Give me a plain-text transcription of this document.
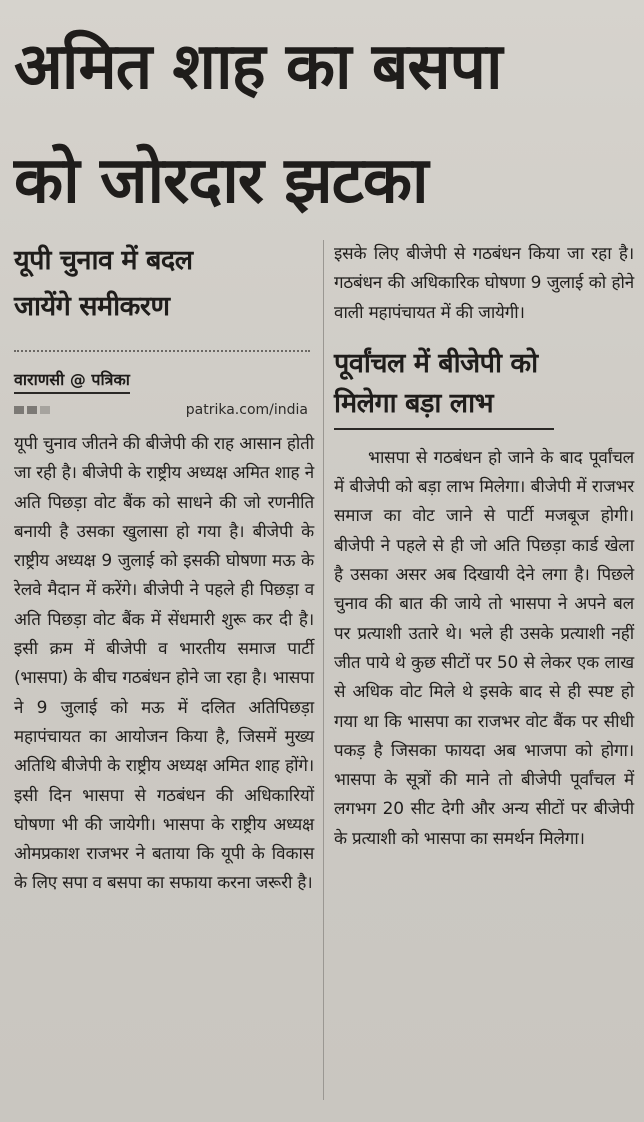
अमित शाह का बसपा
को जोरदार झटका
यूपी चुनाव में बदल
जायेंगे समीकरण
वाराणसी @ पत्रिका
patrika.com/india

यूपी चुनाव जीतने की बीजेपी की राह आसान होती जा रही है। बीजेपी के राष्ट्रीय अध्यक्ष अमित शाह ने अति पिछड़ा वोट बैंक को साधने की जो रणनीति बनायी है उसका खुलासा हो गया है। बीजेपी के राष्ट्रीय अध्यक्ष 9 जुलाई को इसकी घोषणा मऊ के रेलवे मैदान में करेंगे। बीजेपी ने पहले ही पिछड़ा व अति पिछड़ा वोट बैंक में सेंधमारी शुरू कर दी है। इसी क्रम में बीजेपी व भारतीय समाज पार्टी (भासपा) के बीच गठबंधन होने जा रहा है। भासपा ने 9 जुलाई को मऊ में दलित अतिपिछड़ा महापंचायत का आयोजन किया है, जिसमें मुख्य अतिथि बीजेपी के राष्ट्रीय अध्यक्ष अमित शाह होंगे। इसी दिन भासपा से गठबंधन की अधिकारियों घोषणा भी की जायेगी। भासपा के राष्ट्रीय अध्यक्ष ओमप्रकाश राजभर ने बताया कि यूपी के विकास के लिए सपा व बसपा का सफाया करना जरूरी है।

इसके लिए बीजेपी से गठबंधन किया जा रहा है। गठबंधन की अधिकारिक घोषणा 9 जुलाई को होने वाली महापंचायत में की जायेगी।

पूर्वांचल में बीजेपी को
मिलेगा बड़ा लाभ

भासपा से गठबंधन हो जाने के बाद पूर्वांचल में बीजेपी को बड़ा लाभ मिलेगा। बीजेपी में राजभर समाज का वोट जाने से पार्टी मजबूज होगी। बीजेपी ने पहले से ही जो अति पिछड़ा कार्ड खेला है उसका असर अब दिखायी देने लगा है। पिछले चुनाव की बात की जाये तो भासपा ने अपने बल पर प्रत्याशी उतारे थे। भले ही उसके प्रत्याशी नहीं जीत पाये थे कुछ सीटों पर 50 से लेकर एक लाख से अधिक वोट मिले थे इसके बाद से ही स्पष्ट हो गया था कि भासपा का राजभर वोट बैंक पर सीधी पकड़ है जिसका फायदा अब भाजपा को होगा। भासपा के सूत्रों की माने तो बीजेपी पूर्वांचल में लगभग 20 सीट देगी और अन्य सीटों पर बीजेपी के प्रत्याशी को भासपा का समर्थन मिलेगा।
